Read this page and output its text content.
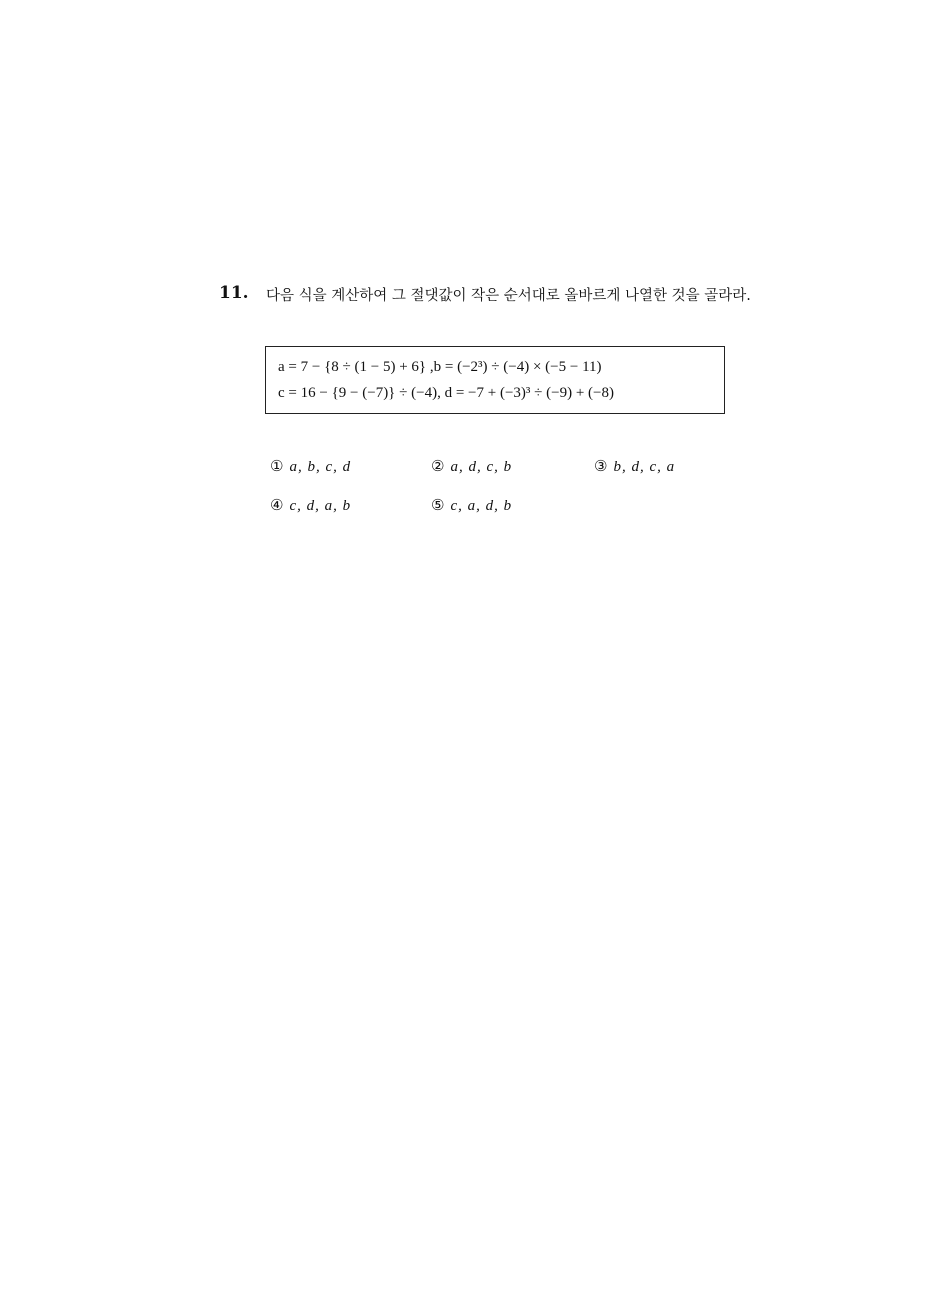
11. 다음 식을 계산하여 그 절댓값이 작은 순서대로 올바르게 나열한 것을 골라라.
a = 7 − {8 ÷ (1 − 5) + 6} ,b = (−2³) ÷ (−4) × (−5 − 11)
c = 16 − {9 − (−7)} ÷ (−4), d = −7 + (−3)³ ÷ (−9) + (−8)
① a, b, c, d	② a, d, c, b	③ b, d, c, a
④ c, d, a, b	⑤ c, a, d, b
